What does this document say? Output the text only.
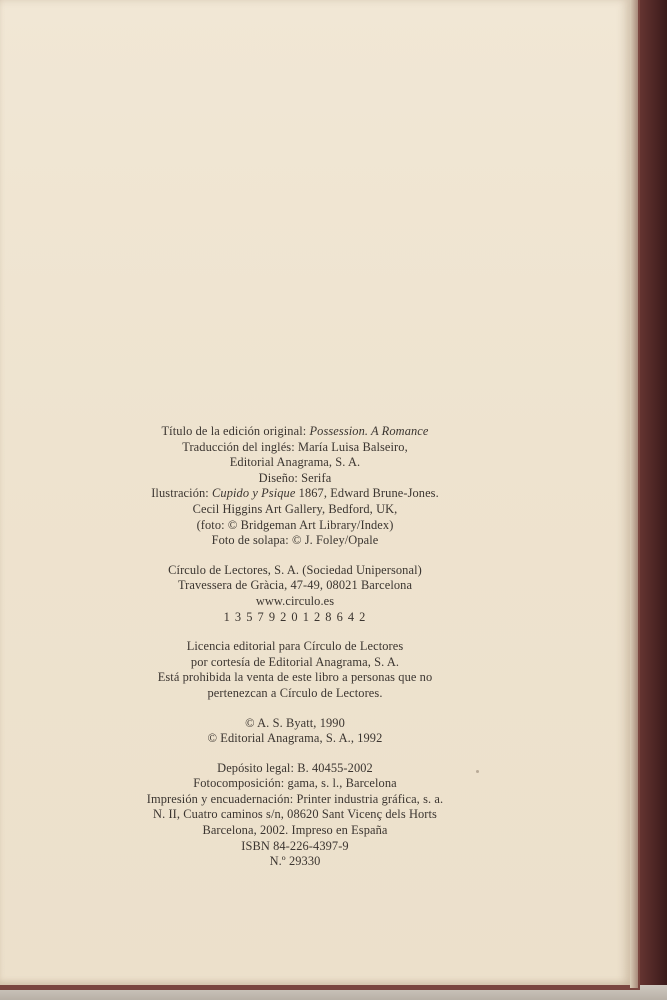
Título de la edición original: Possession. A Romance
Traducción del inglés: María Luisa Balseiro,
Editorial Anagrama, S. A.
Diseño: Serifa
Ilustración: Cupido y Psique 1867, Edward Brune-Jones.
Cecil Higgins Art Gallery, Bedford, UK,
(foto: © Bridgeman Art Library/Index)
Foto de solapa: © J. Foley/Opale
Círculo de Lectores, S. A. (Sociedad Unipersonal)
Travessera de Gràcia, 47-49, 08021 Barcelona
www.circulo.es
1 3 5 7 9 2 0 1 2 8 6 4 2
Licencia editorial para Círculo de Lectores
por cortesía de Editorial Anagrama, S. A.
Está prohibida la venta de este libro a personas que no
pertenezcan a Círculo de Lectores.
© A. S. Byatt, 1990
© Editorial Anagrama, S. A., 1992
Depósito legal: B. 40455-2002
Fotocomposición: gama, s. l., Barcelona
Impresión y encuadernación: Printer industria gráfica, s. a.
N. II, Cuatro caminos s/n, 08620 Sant Vicenç dels Horts
Barcelona, 2002. Impreso en España
ISBN 84-226-4397-9
N.º 29330
